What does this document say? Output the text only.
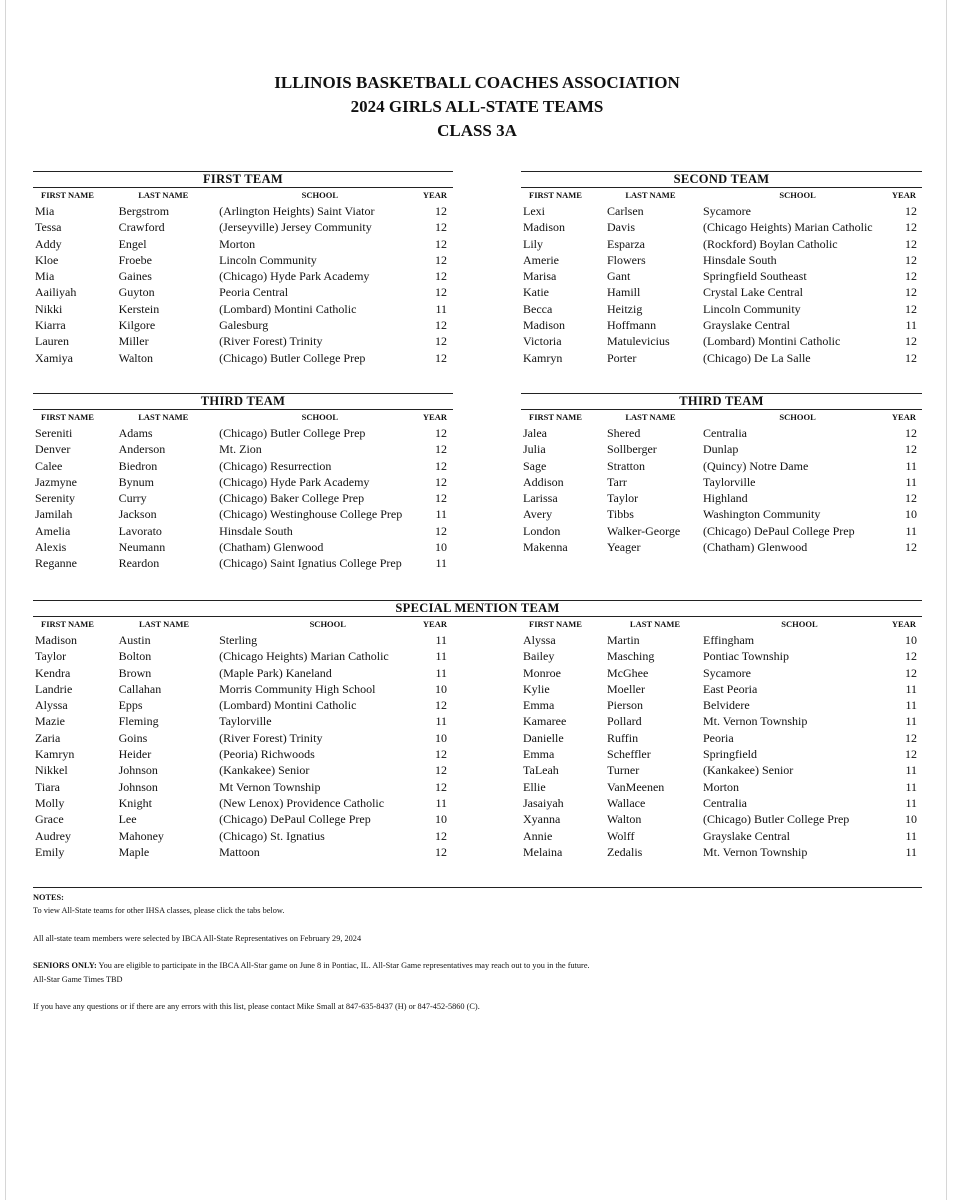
ILLINOIS BASKETBALL COACHES ASSOCIATION
2024 GIRLS ALL-STATE TEAMS
CLASS 3A
FIRST TEAM
FIRST NAME	LAST NAME	SCHOOL	YEAR
Mia	Bergstrom	(Arlington Heights) Saint Viator	12
Tessa	Crawford	(Jerseyville) Jersey Community	12
Addy	Engel	Morton	12
Kloe	Froebe	Lincoln Community	12
Mia	Gaines	(Chicago) Hyde Park Academy	12
Aailiyah	Guyton	Peoria Central	12
Nikki	Kerstein	(Lombard) Montini Catholic	11
Kiarra	Kilgore	Galesburg	12
Lauren	Miller	(River Forest) Trinity	12
Xamiya	Walton	(Chicago) Butler College Prep	12
SECOND TEAM
FIRST NAME	LAST NAME	SCHOOL	YEAR
Lexi	Carlsen	Sycamore	12
Madison	Davis	(Chicago Heights) Marian Catholic	12
Lily	Esparza	(Rockford) Boylan Catholic	12
Amerie	Flowers	Hinsdale South	12
Marisa	Gant	Springfield Southeast	12
Katie	Hamill	Crystal Lake Central	12
Becca	Heitzig	Lincoln Community	12
Madison	Hoffmann	Grayslake Central	11
Victoria	Matulevicius	(Lombard) Montini Catholic	12
Kamryn	Porter	(Chicago) De La Salle	12
THIRD TEAM
FIRST NAME	LAST NAME	SCHOOL	YEAR
Sereniti	Adams	(Chicago) Butler College Prep	12
Denver	Anderson	Mt. Zion	12
Calee	Biedron	(Chicago) Resurrection	12
Jazmyne	Bynum	(Chicago) Hyde Park Academy	12
Serenity	Curry	(Chicago) Baker College Prep	12
Jamilah	Jackson	(Chicago) Westinghouse College Prep	11
Amelia	Lavorato	Hinsdale South	12
Alexis	Neumann	(Chatham) Glenwood	10
Reganne	Reardon	(Chicago) Saint Ignatius College Prep	11
THIRD TEAM
FIRST NAME	LAST NAME	SCHOOL	YEAR
Jalea	Shered	Centralia	12
Julia	Sollberger	Dunlap	12
Sage	Stratton	(Quincy) Notre Dame	11
Addison	Tarr	Taylorville	11
Larissa	Taylor	Highland	12
Avery	Tibbs	Washington Community	10
London	Walker-George	(Chicago) DePaul College Prep	11
Makenna	Yeager	(Chatham) Glenwood	12
SPECIAL MENTION TEAM
FIRST NAME	LAST NAME	SCHOOL	YEAR
Madison	Austin	Sterling	11
Taylor	Bolton	(Chicago Heights) Marian Catholic	11
Kendra	Brown	(Maple Park) Kaneland	11
Landrie	Callahan	Morris Community High School	10
Alyssa	Epps	(Lombard) Montini Catholic	12
Mazie	Fleming	Taylorville	11
Zaria	Goins	(River Forest) Trinity	10
Kamryn	Heider	(Peoria) Richwoods	12
Nikkel	Johnson	(Kankakee) Senior	12
Tiara	Johnson	Mt Vernon Township	12
Molly	Knight	(New Lenox) Providence Catholic	11
Grace	Lee	(Chicago) DePaul College Prep	10
Audrey	Mahoney	(Chicago) St. Ignatius	12
Emily	Maple	Mattoon	12
FIRST NAME	LAST NAME	SCHOOL	YEAR
Alyssa	Martin	Effingham	10
Bailey	Masching	Pontiac Township	12
Monroe	McGhee	Sycamore	12
Kylie	Moeller	East Peoria	11
Emma	Pierson	Belvidere	11
Kamaree	Pollard	Mt. Vernon Township	11
Danielle	Ruffin	Peoria	12
Emma	Scheffler	Springfield	12
TaLeah	Turner	(Kankakee) Senior	11
Ellie	VanMeenen	Morton	11
Jasaiyah	Wallace	Centralia	11
Xyanna	Walton	(Chicago) Butler College Prep	10
Annie	Wolff	Grayslake Central	11
Melaina	Zedalis	Mt. Vernon Township	11
NOTES:
To view All-State teams for other IHSA classes, please click the tabs below.
All all-state team members were selected by IBCA All-State Representatives on February 29, 2024
SENIORS ONLY: You are eligible to participate in the IBCA All-Star game on June 8 in Pontiac, IL. All-Star Game representatives may reach out to you in the future.
All-Star Game Times TBD
If you have any questions or if there are any errors with this list, please contact Mike Small at 847-635-8437 (H) or 847-452-5860 (C).
